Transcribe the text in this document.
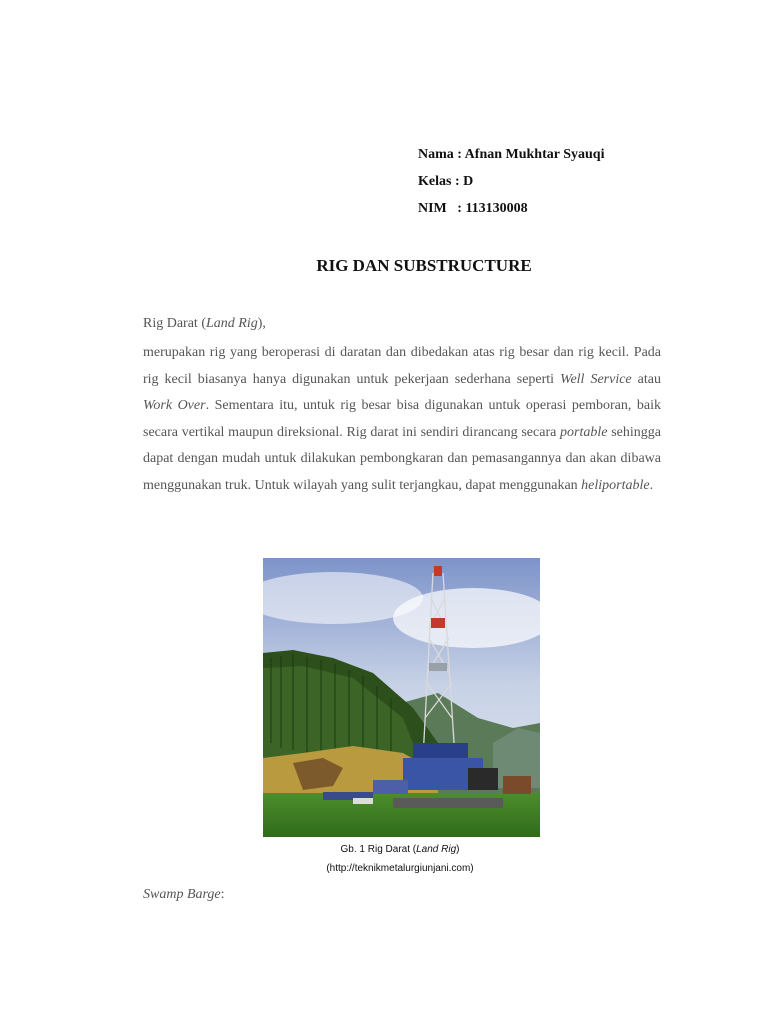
Nama : Afnan Mukhtar Syauqi
Kelas : D
NIM   : 113130008
RIG DAN SUBSTRUCTURE
Rig Darat (Land Rig),
merupakan rig yang beroperasi di daratan dan dibedakan atas rig besar dan rig kecil. Pada rig kecil biasanya hanya digunakan untuk pekerjaan sederhana seperti Well Service atau Work Over. Sementara itu, untuk rig besar bisa digunakan untuk operasi pemboran, baik secara vertikal maupun direksional. Rig darat ini sendiri dirancang secara portable sehingga dapat dengan mudah untuk dilakukan pembongkaran dan pemasangannya dan akan dibawa menggunakan truk. Untuk wilayah yang sulit terjangkau, dapat menggunakan heliportable.
Gb. 1 Rig Darat (Land Rig)
(http://teknikmetalurgiunjani.com)
Swamp Barge:
